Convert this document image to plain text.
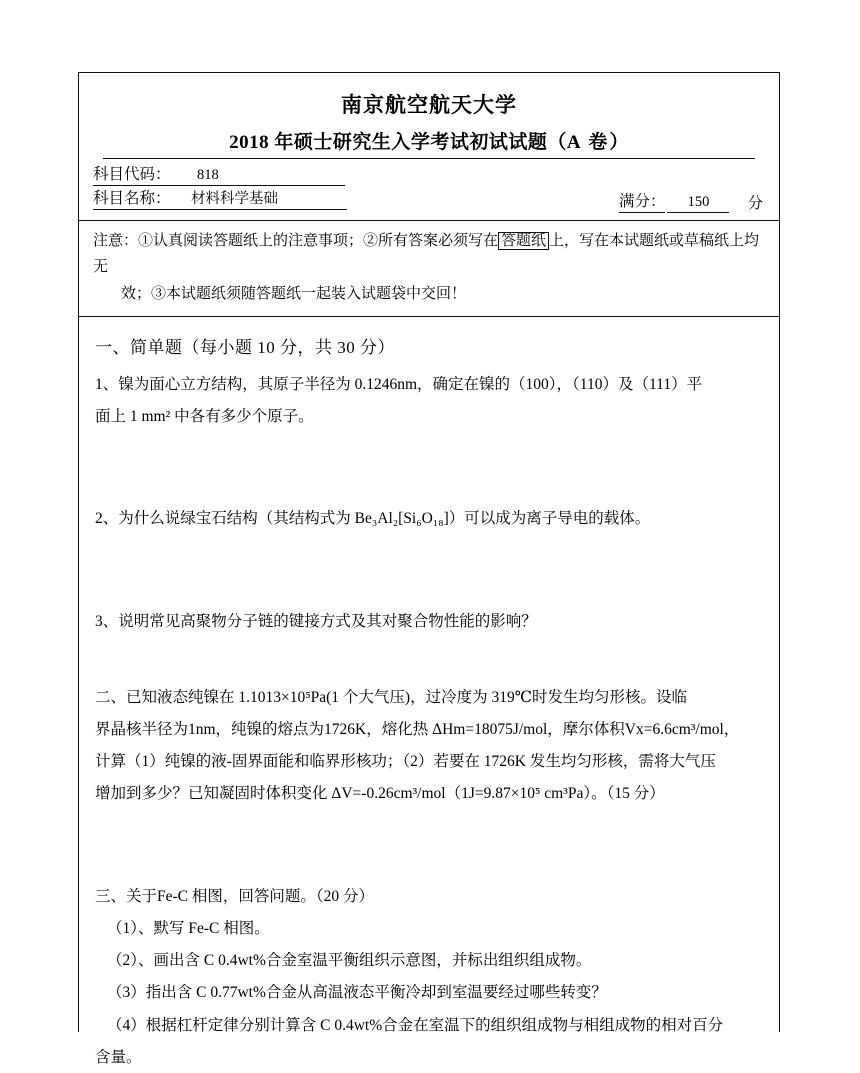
南京航空航天大学
2018 年硕士研究生入学考试初试试题（A 卷）
科目代码：	818
科目名称：	材料科学基础	满分：	150	分
注意：①认真阅读答题纸上的注意事项；②所有答案必须写在 答题纸 上，写在本试题纸或草稿纸上均无
效；③本试题纸须随答题纸一起装入试题袋中交回！
一、简单题（每小题 10 分，共 30 分）
1、镍为面心立方结构，其原子半径为 0.1246nm，确定在镍的（100），（110）及（111）平
面上 1 mm² 中各有多少个原子。
2、为什么说绿宝石结构（其结构式为 Be₃Al₂[Si₆O₁₈]）可以成为离子导电的载体。
3、说明常见高聚物分子链的键接方式及其对聚合物性能的影响？
二、已知液态纯镍在 1.1013×10⁵Pa(1 个大气压)，过冷度为 319℃时发生均匀形核。设临
界晶核半径为1nm，纯镍的熔点为1726K，熔化热 ΔHm=18075J/mol，摩尔体积Vx=6.6cm³/mol，
计算（1）纯镍的液-固界面能和临界形核功；（2）若要在 1726K 发生均匀形核，需将大气压
增加到多少？已知凝固时体积变化 ΔV=-0.26cm³/mol（1J=9.87×10⁵ cm³Pa）。（15 分）
三、关于Fe-C 相图，回答问题。（20 分）
（1）、默写 Fe-C 相图。
（2）、画出含 C 0.4wt%合金室温平衡组织示意图，并标出组织组成物。
（3）指出含 C 0.77wt%合金从高温液态平衡冷却到室温要经过哪些转变？
（4）根据杠杆定律分别计算含 C 0.4wt%合金在室温下的组织组成物与相组成物的相对百分
含量。
